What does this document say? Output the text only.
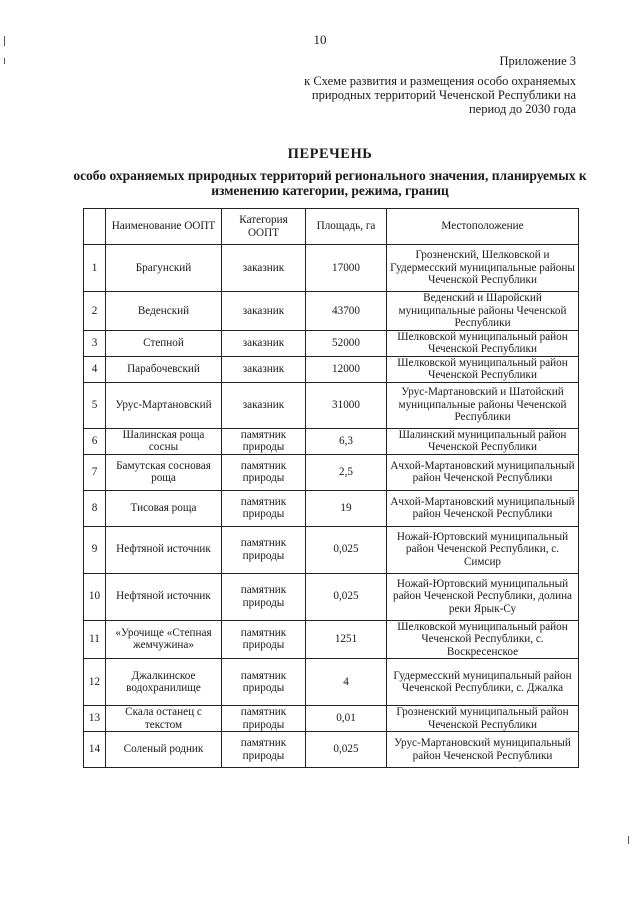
10
Приложение 3
к Схеме развития и размещения особо охраняемых природных территорий Чеченской Республики на период до 2030 года
ПЕРЕЧЕНЬ
особо охраняемых природных территорий регионального значения, планируемых к изменению категории, режима, границ
	Наименование ООПТ	Категория ООПТ	Площадь, га	Местоположение
1	Брагунский	заказник	17000	Грозненский, Шелковской и Гудермесский муниципальные районы Чеченской Республики
2	Веденский	заказник	43700	Веденский и Шаройский муниципальные районы Чеченской Республики
3	Степной	заказник	52000	Шелковской муниципальный район Чеченской Республики
4	Парабочевский	заказник	12000	Шелковской муниципальный район Чеченской Республики
5	Урус-Мартановский	заказник	31000	Урус-Мартановский и Шатойский муниципальные районы Чеченской Республики
6	Шалинская роща сосны	памятник природы	6,3	Шалинский муниципальный район Чеченской Республики
7	Бамутская сосновая роща	памятник природы	2,5	Ачхой-Мартановский муниципальный район Чеченской Республики
8	Тисовая роща	памятник природы	19	Ачхой-Мартановский муниципальный район Чеченской Республики
9	Нефтяной источник	памятник природы	0,025	Ножай-Юртовский муниципальный район Чеченской Республики, с. Симсир
10	Нефтяной источник	памятник природы	0,025	Ножай-Юртовский муниципальный район Чеченской Республики, долина реки Ярык-Су
11	«Урочище «Степная жемчужина»	памятник природы	1251	Шелковской муниципальный район Чеченской Республики, с. Воскресенское
12	Джалкинское водохранилище	памятник природы	4	Гудермесский муниципальный район Чеченской Республики, с. Джалка
13	Скала останец с текстом	памятник природы	0,01	Грозненский муниципальный район Чеченской Республики
14	Соленый родник	памятник природы	0,025	Урус-Мартановский муниципальный район Чеченской Республики
